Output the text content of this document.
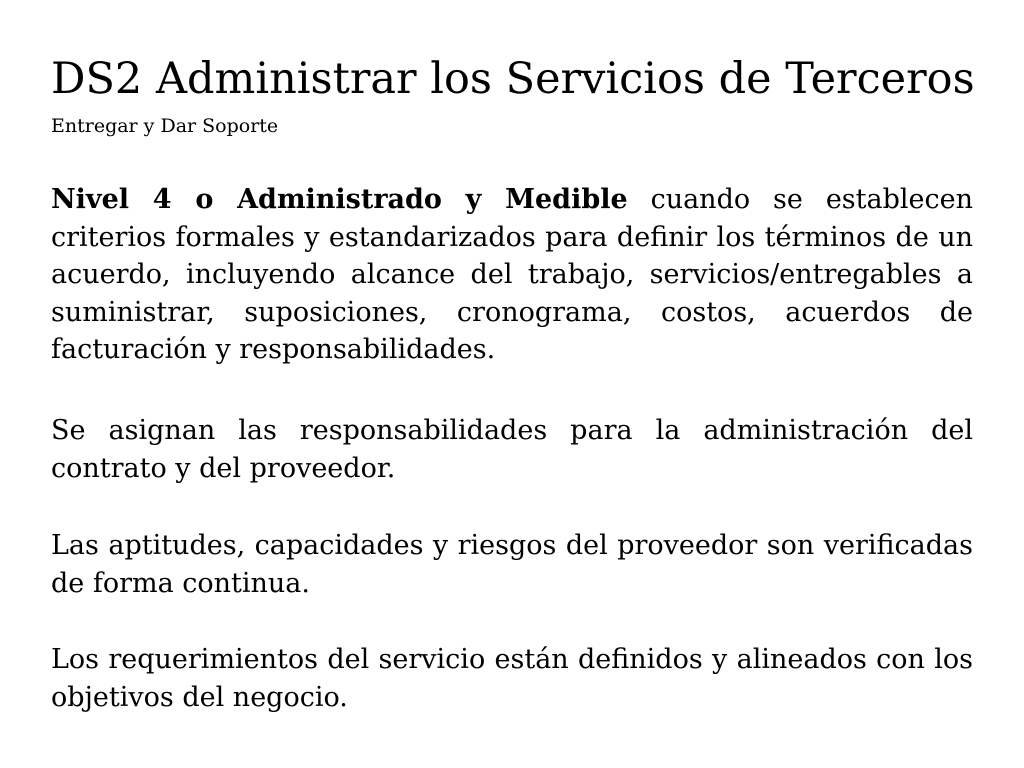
DS2 Administrar los Servicios de Terceros
Entregar y Dar Soporte

Nivel 4 o Administrado y Medible cuando se establecen criterios formales y estandarizados para definir los términos de un acuerdo, incluyendo alcance del trabajo, servicios/entregables a suministrar, suposiciones, cronograma, costos, acuerdos de facturación y responsabilidades.

Se asignan las responsabilidades para la administración del contrato y del proveedor.

Las aptitudes, capacidades y riesgos del proveedor son verificadas de forma continua.

Los requerimientos del servicio están definidos y alineados con los objetivos del negocio.
